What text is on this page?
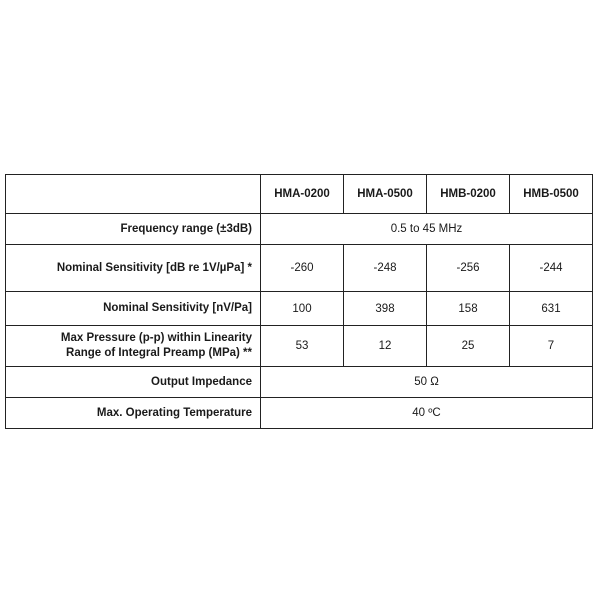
	HMA-0200	HMA-0500	HMB-0200	HMB-0500
Frequency range (±3dB)	0.5 to 45 MHz			
Nominal Sensitivity [dB re 1V/µPa] *	-260	-248	-256	-244
Nominal Sensitivity [nV/Pa]	100	398	158	631
Max Pressure (p-p) within Linearity
Range of Integral Preamp (MPa) **	53	12	25	7
Output Impedance	50 Ω			
Max. Operating Temperature	40 ºC			
